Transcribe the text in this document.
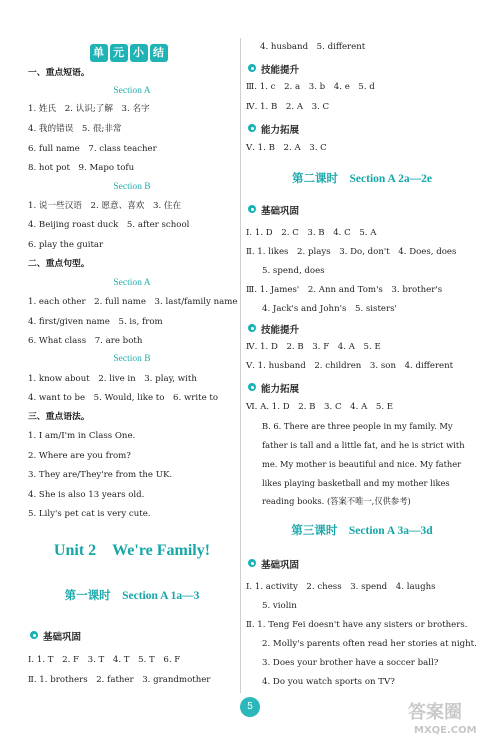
单 元 小 结
一、重点短语。
Section A
1. 姓氏　2. 认识;了解　3. 名字
4. 我的错误　5. 很;非常
6. full name　7. class teacher
8. hot pot　9. Mapo tofu
Section B
1. 说一些汉语　2. 愿意、喜欢　3. 住在
4. Beijing roast duck　5. after school
6. play the guitar
二、重点句型。
Section A
1. each other　2. full name　3. last/family name
4. first/given name　5. is, from
6. What class　7. are both
Section B
1. know about　2. live in　3. play, with
4. want to be　5. Would, like to　6. write to
三、重点语法。
1. I am/I'm in Class One.
2. Where are you from?
3. They are/They're from the UK.
4. She is also 13 years old.
5. Lily's pet cat is very cute.
Unit 2　We're Family!
第一课时　Section A 1a—3
基础巩固
Ⅰ. 1. T　2. F　3. T　4. T　5. T　6. F
Ⅱ. 1. brothers　2. father　3. grandmother
4. husband　5. different
技能提升
Ⅲ. 1. c　2. a　3. b　4. e　5. d
Ⅳ. 1. B　2. A　3. C
能力拓展
Ⅴ. 1. B　2. A　3. C
第二课时　Section A 2a—2e
基础巩固
Ⅰ. 1. D　2. C　3. B　4. C　5. A
Ⅱ. 1. likes　2. plays　3. Do, don't　4. Does, does
5. spend, does
Ⅲ. 1. James'　2. Ann and Tom's　3. brother's
4. Jack's and John's　5. sisters'
技能提升
Ⅳ. 1. D　2. B　3. F　4. A　5. E
Ⅴ. 1. husband　2. children　3. son　4. different
能力拓展
Ⅵ. A. 1. D　2. B　3. C　4. A　5. E
B. 6. There are three people in my family. My
father is tall and a little fat, and he is strict with
me. My mother is beautiful and nice. My father
likes playing basketball and my mother likes
reading books. (答案不唯一,仅供参考)
第三课时　Section A 3a—3d
基础巩固
Ⅰ. 1. activity　2. chess　3. spend　4. laughs
5. violin
Ⅱ. 1. Teng Fei doesn't have any sisters or brothers.
2. Molly's parents often read her stories at night.
3. Does your brother have a soccer ball?
4. Do you watch sports on TV?
5	答案圈
MXQE.COM
